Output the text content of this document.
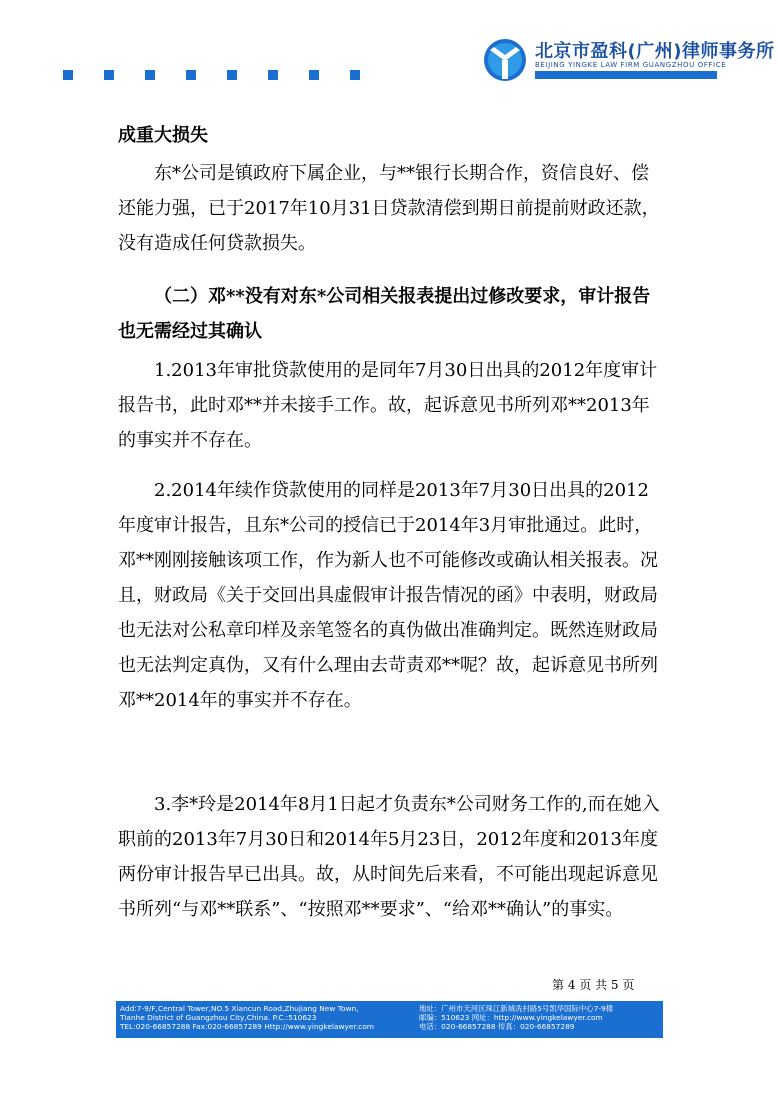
北京市盈科(广州)律师事务所
BEIJING YINGKE LAW FIRM GUANGZHOU OFFICE

成重大损失

东*公司是镇政府下属企业，与**银行长期合作，资信良好、偿还能力强，已于2017年10月31日贷款清偿到期日前提前财政还款，没有造成任何贷款损失。

（二）邓**没有对东*公司相关报表提出过修改要求，审计报告也无需经过其确认

1.2013年审批贷款使用的是同年7月30日出具的2012年度审计报告书，此时邓**并未接手工作。故，起诉意见书所列邓**2013年的事实并不存在。

2.2014年续作贷款使用的同样是2013年7月30日出具的2012年度审计报告，且东*公司的授信已于2014年3月审批通过。此时，邓**刚刚接触该项工作，作为新人也不可能修改或确认相关报表。况且，财政局《关于交回出具虚假审计报告情况的函》中表明，财政局也无法对公私章印样及亲笔签名的真伪做出准确判定。既然连财政局也无法判定真伪，又有什么理由去苛责邓**呢？故，起诉意见书所列邓**2014年的事实并不存在。

3.李*玲是2014年8月1日起才负责东*公司财务工作的,而在她入职前的2013年7月30日和2014年5月23日，2012年度和2013年度两份审计报告早已出具。故，从时间先后来看，不可能出现起诉意见书所列“与邓**联系”、“按照邓**要求”、“给邓**确认”的事实。

第 4 页 共 5 页
Add:7-9/F,Central Tower,NO.5 Xiancun Road,Zhujiang New Town,
Tianhe District of Guangzhou City,China. P.C.:510623
TEL:020-66857288 Fax:020-66857289 Http://www.yingkelawyer.com
地址：广州市天河区珠江新城冼村路5号凯华国际中心7-9楼
邮编：510623 网址：http://www.yingkelawyer.com
电话：020-66857288 传真：020-66857289
